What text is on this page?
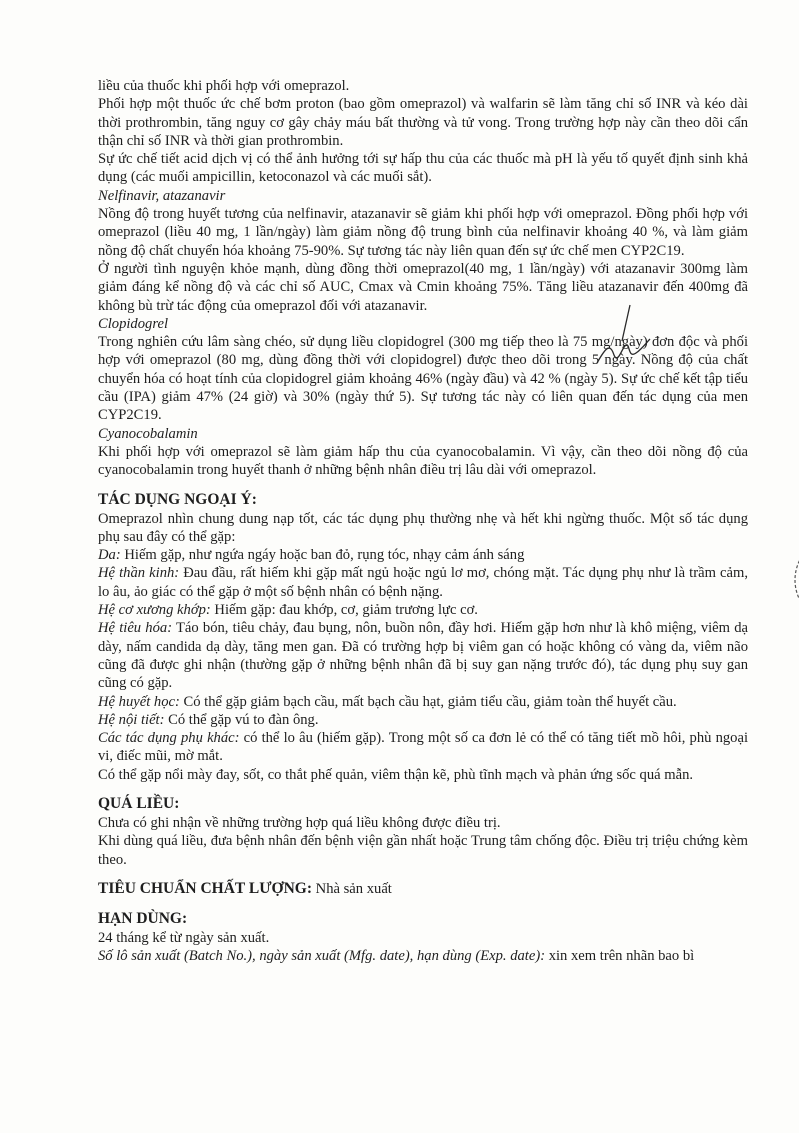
liều của thuốc khi phối hợp với omeprazol.

Phối hợp một thuốc ức chế bơm proton (bao gồm omeprazol) và walfarin sẽ làm tăng chỉ số INR và kéo dài thời prothrombin, tăng nguy cơ gây chảy máu bất thường và tử vong. Trong trường hợp này cần theo dõi cẩn thận chỉ số INR và thời gian prothrombin.

Sự ức chế tiết acid dịch vị có thể ảnh hưởng tới sự hấp thu của các thuốc mà pH là yếu tố quyết định sinh khả dụng (các muối ampicillin, ketoconazol và các muối sắt).

Nelfinavir, atazanavir

Nồng độ trong huyết tương của nelfinavir, atazanavir sẽ giảm khi phối hợp với omeprazol. Đồng phối hợp với omeprazol (liều 40 mg, 1 lần/ngày) làm giảm nồng độ trung bình của nelfinavir khoảng 40 %, và làm giảm nồng độ chất chuyển hóa khoảng 75-90%. Sự tương tác này liên quan đến sự ức chế men CYP2C19.

Ở người tình nguyện khỏe mạnh, dùng đồng thời omeprazol(40 mg, 1 lần/ngày) với atazanavir 300mg làm giảm đáng kể nồng độ và các chỉ số AUC, Cmax và Cmin khoảng 75%. Tăng liều atazanavir đến 400mg đã không bù trừ tác động của omeprazol đối với atazanavir.

Clopidogrel

Trong nghiên cứu lâm sàng chéo, sử dụng liều clopidogrel (300 mg tiếp theo là 75 mg/ngày) đơn độc và phối hợp với omeprazol (80 mg, dùng đồng thời với clopidogrel) được theo dõi trong 5 ngày. Nồng độ của chất chuyển hóa có hoạt tính của clopidogrel giảm khoảng 46% (ngày đầu) và 42 % (ngày 5). Sự ức chế kết tập tiểu cầu (IPA) giảm 47% (24 giờ) và 30% (ngày thứ 5). Sự tương tác này có liên quan đến tác dụng của men CYP2C19.

Cyanocobalamin

Khi phối hợp với omeprazol sẽ làm giảm hấp thu của cyanocobalamin. Vì vậy, cần theo dõi nồng độ của cyanocobalamin trong huyết thanh ở những bệnh nhân điều trị lâu dài với omeprazol.

TÁC DỤNG NGOẠI Ý:

Omeprazol nhìn chung dung nạp tốt, các tác dụng phụ thường nhẹ và hết khi ngừng thuốc. Một số tác dụng phụ sau đây có thể gặp:

Da: Hiếm gặp, như ngứa ngáy hoặc ban đỏ, rụng tóc, nhạy cảm ánh sáng

Hệ thần kinh: Đau đầu, rất hiếm khi gặp mất ngủ hoặc ngủ lơ mơ, chóng mặt. Tác dụng phụ như là trầm cảm, lo âu, ảo giác có thể gặp ở một số bệnh nhân có bệnh nặng.

Hệ cơ xương khớp: Hiếm gặp: đau khớp, cơ, giảm trương lực cơ.

Hệ tiêu hóa: Táo bón, tiêu chảy, đau bụng, nôn, buồn nôn, đầy hơi. Hiếm gặp hơn như là khô miệng, viêm dạ dày, nấm candida dạ dày, tăng men gan. Đã có trường hợp bị viêm gan có hoặc không có vàng da, viêm não cũng đã được ghi nhận (thường gặp ở những bệnh nhân đã bị suy gan nặng trước đó), tác dụng phụ suy gan cũng có gặp.

Hệ huyết học: Có thể gặp giảm bạch cầu, mất bạch cầu hạt, giảm tiểu cầu, giảm toàn thể huyết cầu.

Hệ nội tiết: Có thể gặp vú to đàn ông.

Các tác dụng phụ khác: có thể lo âu (hiếm gặp). Trong một số ca đơn lẻ có thể có tăng tiết mồ hôi, phù ngoại vi, điếc mũi, mờ mắt.

Có thể gặp nổi mày đay, sốt, co thắt phế quản, viêm thận kẽ, phù tĩnh mạch và phản ứng sốc quá mẫn.

QUÁ LIỀU:

Chưa có ghi nhận về những trường hợp quá liều không được điều trị.

Khi dùng quá liều, đưa bệnh nhân đến bệnh viện gần nhất hoặc Trung tâm chống độc. Điều trị triệu chứng kèm theo.

TIÊU CHUẨN CHẤT LƯỢNG: Nhà sản xuất
HẠN DÙNG:

24 tháng kể từ ngày sản xuất.

Số lô sản xuất (Batch No.), ngày sản xuất (Mfg. date), hạn dùng (Exp. date): xin xem trên nhãn bao bì
